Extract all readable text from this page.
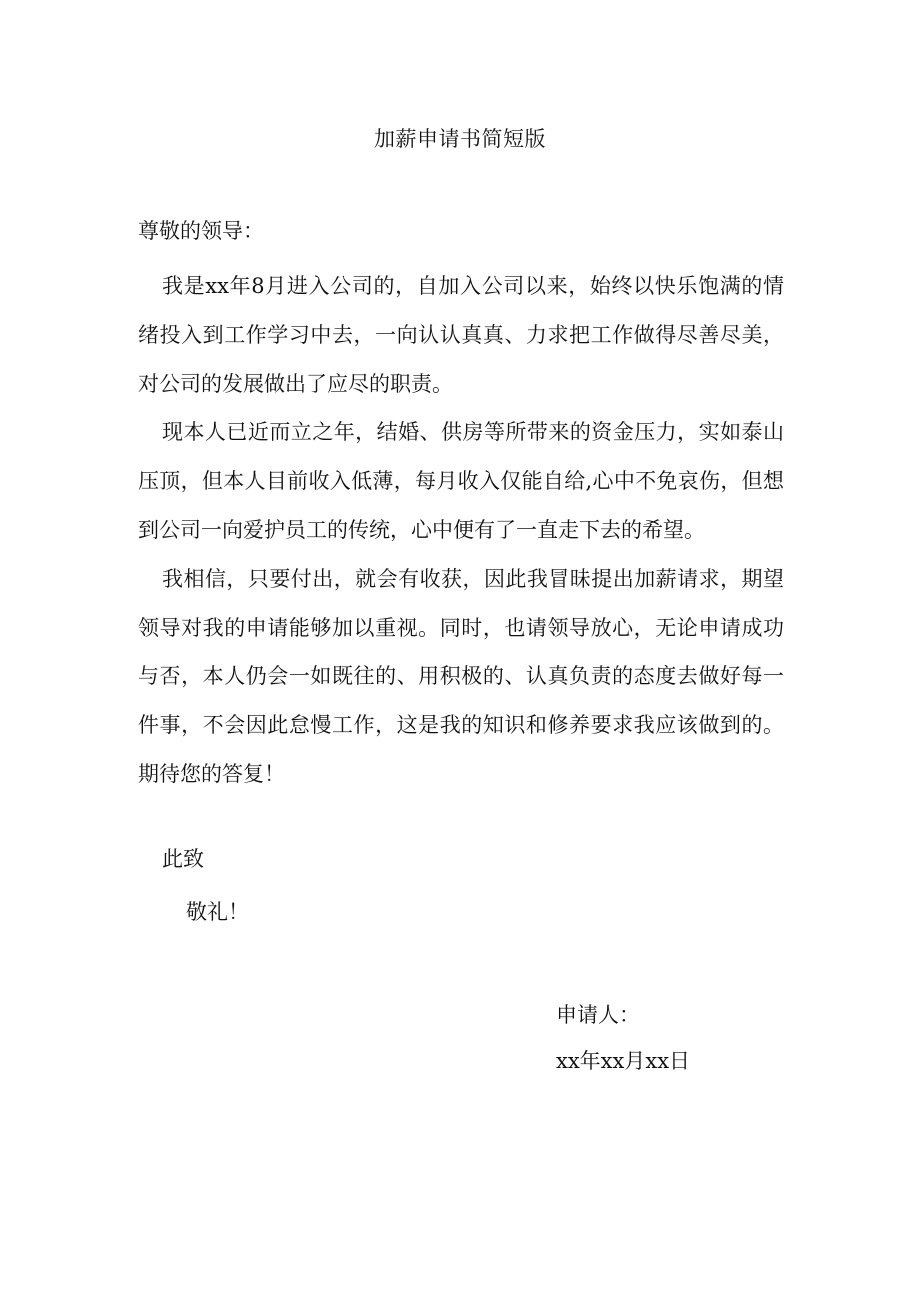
加薪申请书简短版
尊敬的领导：

我是xx年8月进入公司的，自加入公司以来，始终以快乐饱满的情绪投入到工作学习中去，一向认认真真、力求把工作做得尽善尽美，对公司的发展做出了应尽的职责。

现本人已近而立之年，结婚、供房等所带来的资金压力，实如泰山压顶，但本人目前收入低薄，每月收入仅能自给,心中不免哀伤，但想到公司一向爱护员工的传统，心中便有了一直走下去的希望。

我相信，只要付出，就会有收获，因此我冒昧提出加薪请求，期望领导对我的申请能够加以重视。同时，也请领导放心，无论申请成功与否，本人仍会一如既往的、用积极的、认真负责的态度去做好每一件事，不会因此怠慢工作，这是我的知识和修养要求我应该做到的。期待您的答复！

此致
敬礼！
申请人：
xx年xx月xx日
